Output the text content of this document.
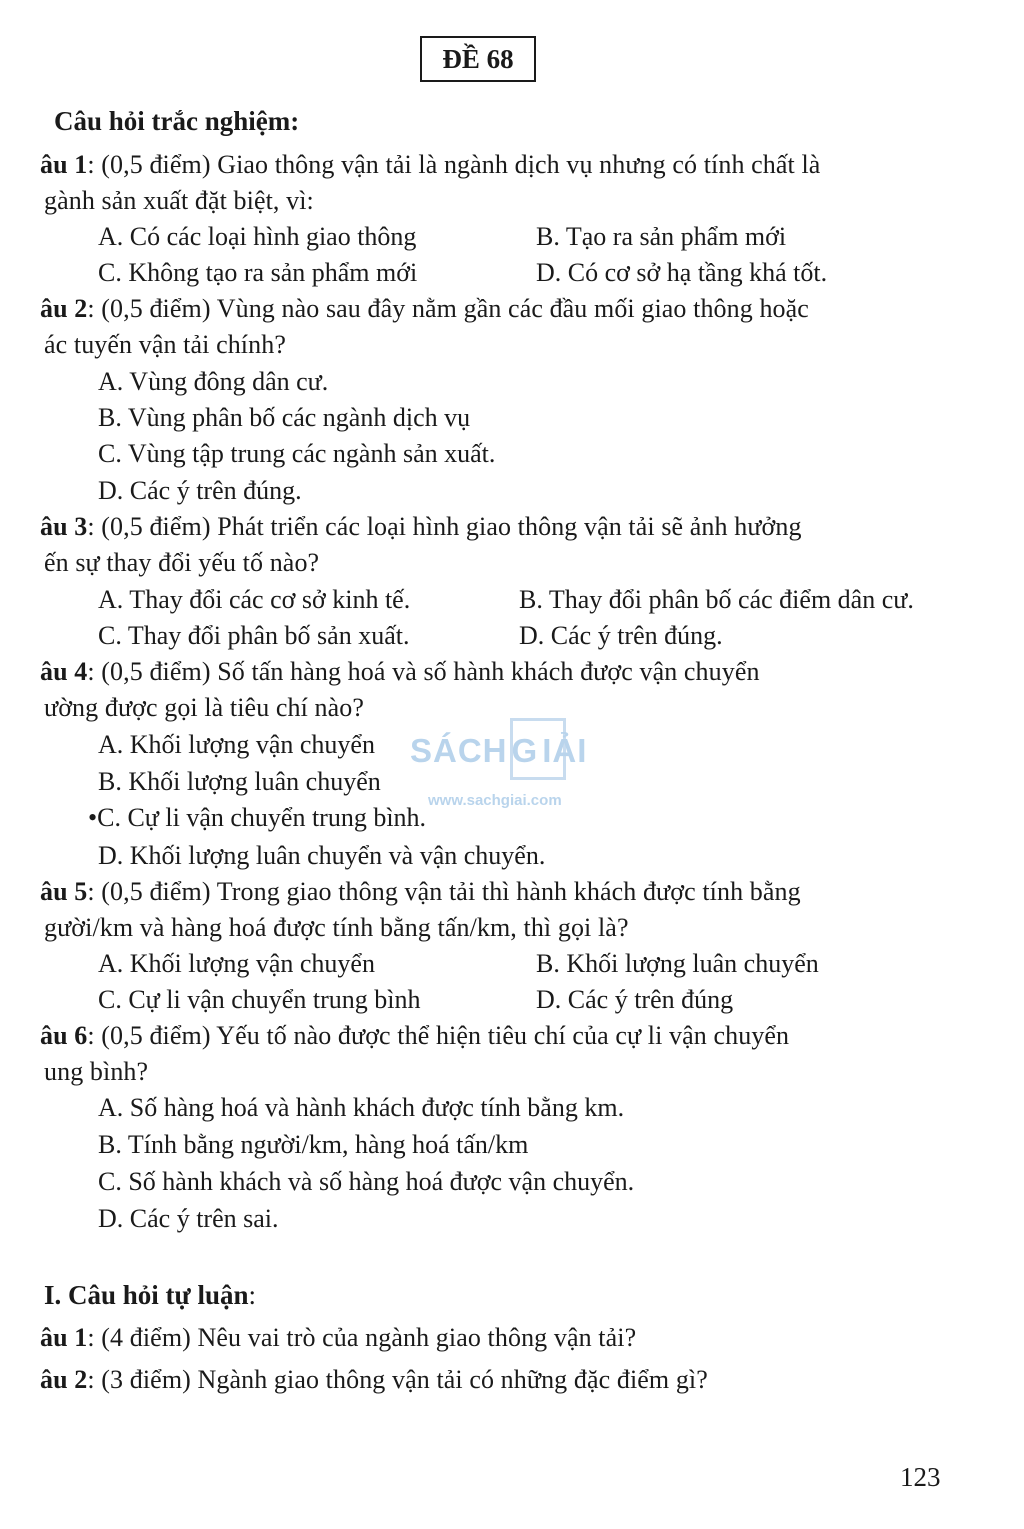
ĐỀ 68
Câu hỏi trắc nghiệm:
âu 1: (0,5 điểm) Giao thông vận tải là ngành dịch vụ nhưng có tính chất là
gành sản xuất đặt biệt, vì:
A. Có các loại hình giao thông	B. Tạo ra sản phẩm mới
C. Không tạo ra sản phẩm mới	D. Có cơ sở hạ tầng khá tốt.
âu 2: (0,5 điểm) Vùng nào sau đây nằm gần các đầu mối giao thông hoặc
ác tuyến vận tải chính?
A. Vùng đông dân cư.
B. Vùng phân bố các ngành dịch vụ
C. Vùng tập trung các ngành sản xuất.
D. Các ý trên đúng.
âu 3: (0,5 điểm) Phát triển các loại hình giao thông vận tải sẽ ảnh hưởng
ến sự thay đổi yếu tố nào?
A. Thay đổi các cơ sở kinh tế.	B. Thay đổi phân bố các điểm dân cư.
C. Thay đổi phân bố sản xuất.	D. Các ý trên đúng.
âu 4: (0,5 điểm) Số tấn hàng hoá và số hành khách được vận chuyển
ường được gọi là tiêu chí nào?
A. Khối lượng vận chuyển
B. Khối lượng luân chuyển
•C. Cự li vận chuyển trung bình.
D. Khối lượng luân chuyển và vận chuyển.
SÁCH G IẢI
www.sachgiai.com
âu 5: (0,5 điểm) Trong giao thông vận tải thì hành khách được tính bằng
gười/km và hàng hoá được tính bằng tấn/km, thì gọi là?
A. Khối lượng vận chuyển	B. Khối lượng luân chuyển
C. Cự li vận chuyển trung bình	D. Các ý trên đúng
âu 6: (0,5 điểm) Yếu tố nào được thể hiện tiêu chí của cự li vận chuyển
ung bình?
A. Số hàng hoá và hành khách được tính bằng km.
B. Tính bằng người/km, hàng hoá tấn/km
C. Số hành khách và số hàng hoá được vận chuyển.
D. Các ý trên sai.
I. Câu hỏi tự luận:
âu 1: (4 điểm) Nêu vai trò của ngành giao thông vận tải?
âu 2: (3 điểm) Ngành giao thông vận tải có những đặc điểm gì?
123
